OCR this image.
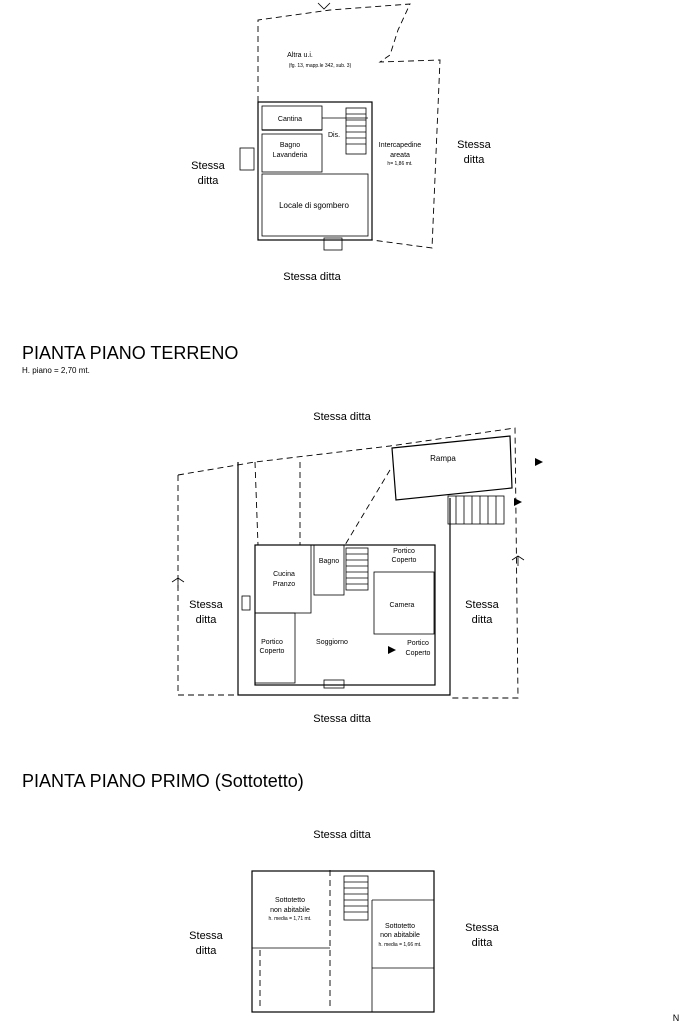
Altra u.i.
(fg. 13, mapp.le 342, sub. 3)
Cantina
Dis.
Bagno
Lavanderia
Intercapedine
areata
h= 1,86 mt.
Locale di sgombero
Stessa
ditta
Stessa
ditta
Stessa ditta
Stessa ditta
Rampa
Bagno
Cucina
Pranzo
Portico
Coperto
Camera
Portico
Coperto
Soggiorno	Portico
Coperto
Stessa
ditta
Stessa
ditta
Stessa ditta
Stessa ditta
Sottotetto
non abitabile
h. media = 1,71 mt.
Sottotetto
non abitabile
h. media = 1,66 mt.
Stessa
ditta
Stessa
ditta
N
PIANTA PIANO TERRENO
H. piano = 2,70 mt.
PIANTA PIANO PRIMO (Sottotetto)
